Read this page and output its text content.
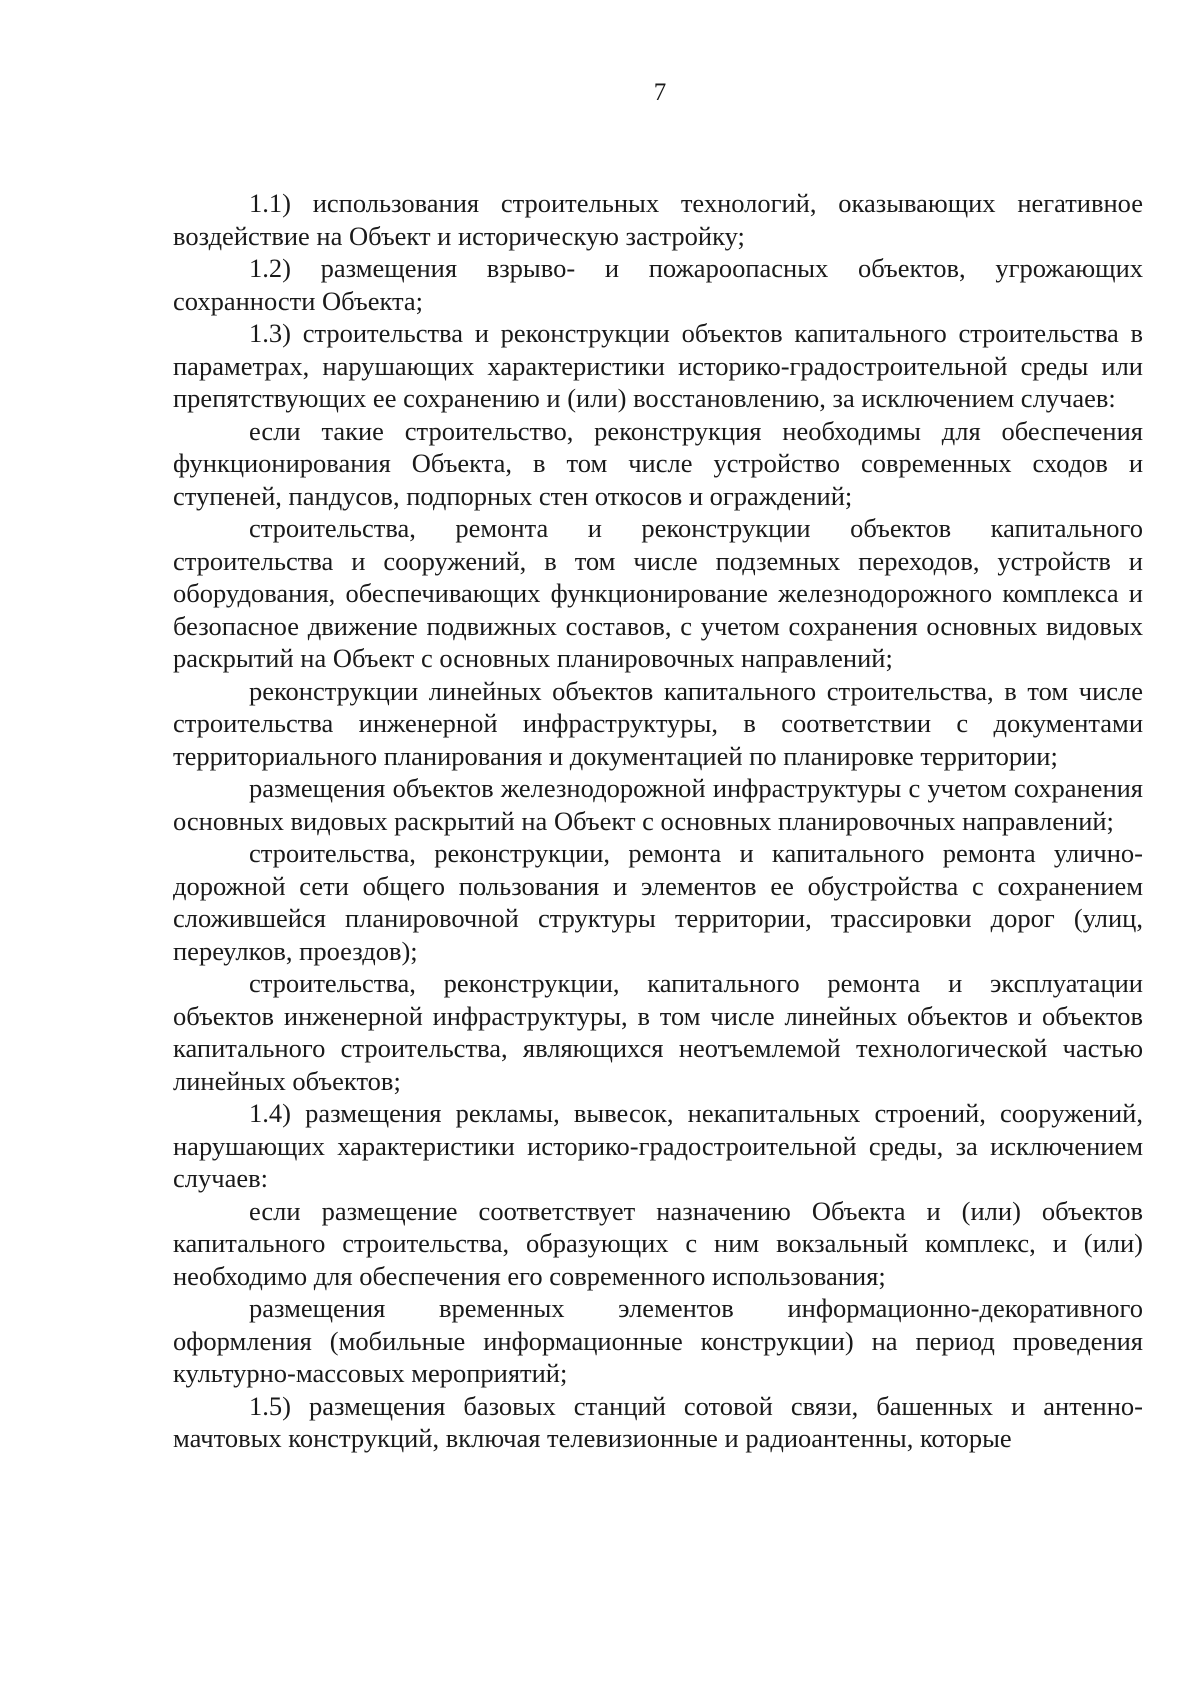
7

1.1) использования строительных технологий, оказывающих негативное воздействие на Объект и историческую застройку;

1.2) размещения взрыво- и пожароопасных объектов, угрожающих сохранности Объекта;

1.3) строительства и реконструкции объектов капитального строительства в параметрах, нарушающих характеристики историко-градостроительной среды или препятствующих ее сохранению и (или) восстановлению, за исключением случаев:

если такие строительство, реконструкция необходимы для обеспечения функционирования Объекта, в том числе устройство современных сходов и ступеней, пандусов, подпорных стен откосов и ограждений;

строительства, ремонта и реконструкции объектов капитального строительства и сооружений, в том числе подземных переходов, устройств и оборудования, обеспечивающих функционирование железнодорожного комплекса и безопасное движение подвижных составов, с учетом сохранения основных видовых раскрытий на Объект с основных планировочных направлений;

реконструкции линейных объектов капитального строительства, в том числе строительства инженерной инфраструктуры, в соответствии с документами территориального планирования и документацией по планировке территории;

размещения объектов железнодорожной инфраструктуры с учетом сохранения основных видовых раскрытий на Объект с основных планировочных направлений;

строительства, реконструкции, ремонта и капитального ремонта улично-дорожной сети общего пользования и элементов ее обустройства с сохранением сложившейся планировочной структуры территории, трассировки дорог (улиц, переулков, проездов);

строительства, реконструкции, капитального ремонта и эксплуатации объектов инженерной инфраструктуры, в том числе линейных объектов и объектов капитального строительства, являющихся неотъемлемой технологической частью линейных объектов;

1.4) размещения рекламы, вывесок, некапитальных строений, сооружений, нарушающих характеристики историко-градостроительной среды, за исключением случаев:

если размещение соответствует назначению Объекта и (или) объектов капитального строительства, образующих с ним вокзальный комплекс, и (или) необходимо для обеспечения его современного использования;

размещения временных элементов информационно-декоративного оформления (мобильные информационные конструкции) на период проведения культурно-массовых мероприятий;

1.5) размещения базовых станций сотовой связи, башенных и антенно-мачтовых конструкций, включая телевизионные и радиоантенны, которые
